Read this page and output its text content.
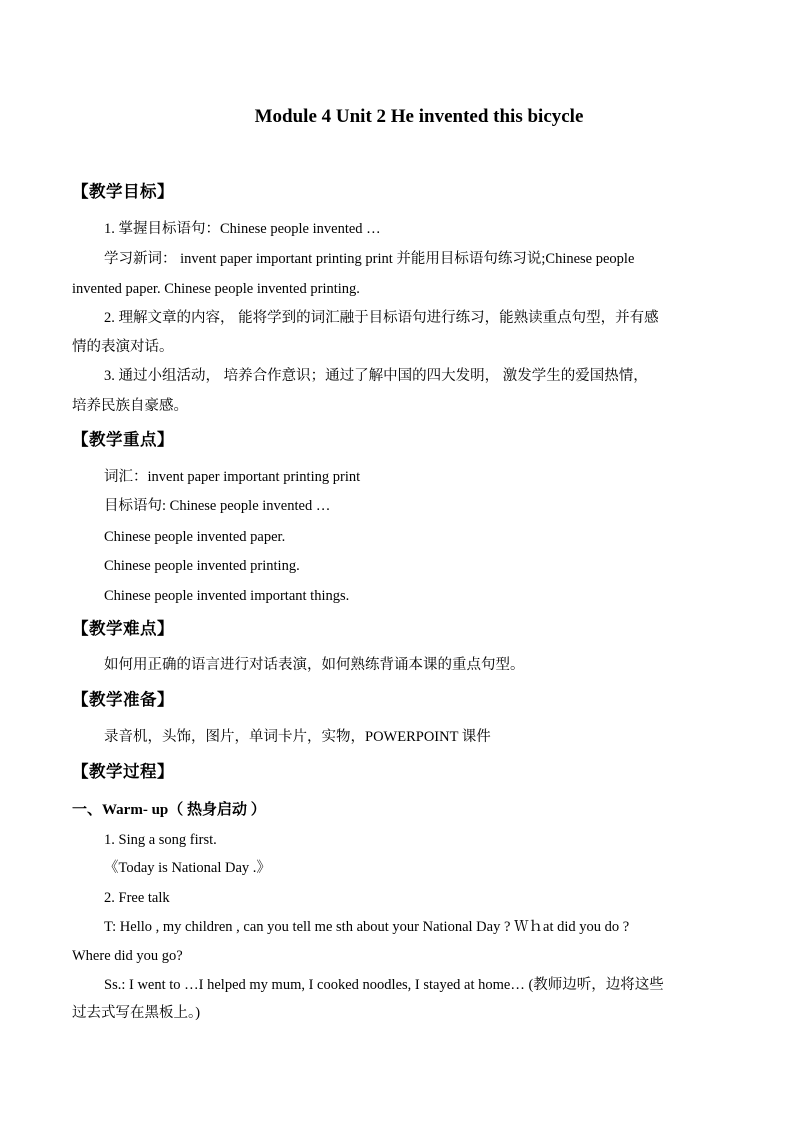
Module 4 Unit 2 He invented this bicycle
【教学目标】
1. 掌握目标语句：Chinese people invented …
学习新词： invent paper important printing print 并能用目标语句练习说;Chinese people
invented paper. Chinese people invented printing.
2. 理解文章的内容， 能将学到的词汇融于目标语句进行练习，能熟读重点句型，并有感
情的表演对话。
3. 通过小组活动， 培养合作意识；通过了解中国的四大发明， 激发学生的爱国热情，
培养民族自豪感。
【教学重点】
词汇：invent paper important printing print
目标语句: Chinese people invented …
Chinese people invented paper.
Chinese people invented printing.
Chinese people invented important things.
【教学难点】
如何用正确的语言进行对话表演，如何熟练背诵本课的重点句型。
【教学准备】
录音机，头饰，图片，单词卡片，实物，POWERPOINT 课件
【教学过程】
一、Warm- up（ 热身启动 ）
1. Sing a song first.
《Today is National Day .》
2. Free talk
T: Hello , my children , can you tell me sth about your National Day ? Ｗｈat did you do ?
Where did you go?
Ss.: I went to …I helped my mum, I cooked noodles, I stayed at home… (教师边听，边将这些
过去式写在黑板上。)
